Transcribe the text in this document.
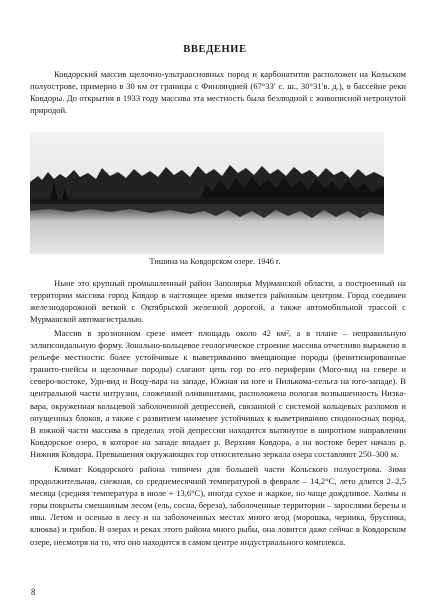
ВВЕДЕНИЕ

Ковдорский массив щелочно-ультраосновных пород и карбонатитов расположен на Кольском полуострове, примерно в 30 км от границы с Финляндией (67°33ʹ с. ш., 30°31ʹв. д.), в бассейне реки Ковдоры. До открытия в 1933 году массива эта местность была безлюдной с живописной нетронутой природой.

Тишина на Ковдорском озере. 1946 г.

Ныне это крупный промышленный район Заполярья Мурманской области, а построенный на территории массива город Ковдор в настоящее время является районным центром. Город соединен железнодорожной веткой с Октябрьской железной дорогой, а также автомобильной трассой с Мурманской автомагистралью.

Массив в эрозионном срезе имеет площадь около 42 км², а в плане – неправильную эллипсоидальную форму. Зонально-кольцевое геологическое строение массива отчетливо выражено в рельефе местности: более устойчивые к выветриванию вмещающие породы (фенитизированные гранито-гнейсы и щелочные породы) слагают цепь гор по его периферии (Мого-вид на севере и северо-востоке, Удн-вид и Воцу-вара на западе, Южная на юге и Пилькома-сельга на юго-западе). В центральной части интрузии, сложенной оливинитами, расположена пологая возвышенность Низка-вара, окруженная кольцевой заболоченной депрессией, связанной с системой кольцевых разломов и опущенных блоков, а также с развитием наименее устойчивых к выветриванию сподоносных пород. В южной части массива в пределах этой депрессии находится вытянутое в широтном направлении Ковдорское озеро, в которое на западе впадает р. Верхняя Ковдора, а на востоке берет начало р. Нижняя Ковдора. Превышения окружающих гор относительно зеркала озера составляют 250–300 м.

Климат Ковдорского района типичен для большей части Кольского полуострова. Зима продолжительная, снежная, со среднемесячной температурой в феврале – 14,2°С, лето длится 2–2,5 месяца (средняя температура в июле + 13,6°С), иногда сухое и жаркое, но чаще дождливое. Холмы и горы покрыты смешанным лесом (ель, сосна, береза), заболоченные территории – зарослями березы и ивы. Летом и осенью в лесу и на заболоченных местах много ягод (морошка, черника, брусника, клюква) и грибов. В озерах и реках этого района много рыбы, она ловится даже сейчас в Ковдорском озере, несмотря на то, что оно находится в самом центре индустриального комплекса.

8
